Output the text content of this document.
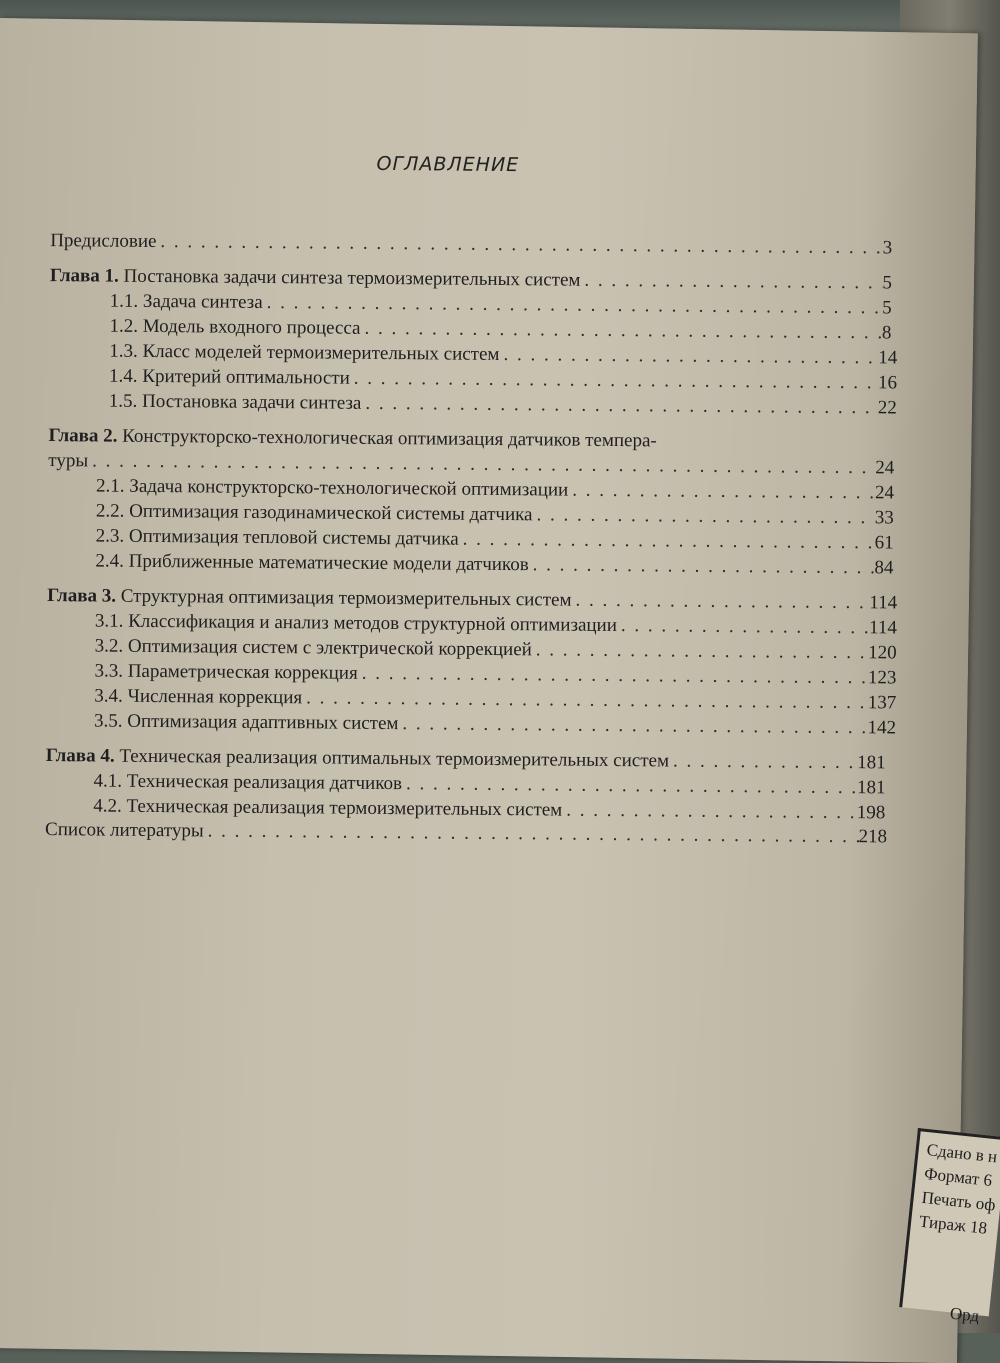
ОГЛАВЛЕНИЕ
Предисловие . . .	3
Глава 1. Постановка задачи синтеза термоизмерительных систем . . .	5
1.1. Задача синтеза . . .	5
1.2. Модель входного процесса . . .	8
1.3. Класс моделей термоизмерительных систем . . .	14
1.4. Критерий оптимальности . . .	16
1.5. Постановка задачи синтеза . . .	22
Глава 2. Конструкторско-технологическая оптимизация датчиков темпера-
туры . . .	24
2.1. Задача конструкторско-технологической оптимизации . . .	24
2.2. Оптимизация газодинамической системы датчика . . .	33
2.3. Оптимизация тепловой системы датчика . . .	61
2.4. Приближенные математические модели датчиков . . .	84
Глава 3. Структурная оптимизация термоизмерительных систем . . .	114
3.1. Классификация и анализ методов структурной оптимизации . . .	114
3.2. Оптимизация систем с электрической коррекцией . . .	120
3.3. Параметрическая коррекция . . .	123
3.4. Численная коррекция . . .	137
3.5. Оптимизация адаптивных систем . . .	142
Глава 4. Техническая реализация оптимальных термоизмерительных систем . . .	181
4.1. Техническая реализация датчиков . . .	181
4.2. Техническая реализация термоизмерительных систем . . .	198
Список литературы . . .	218
Сдано в н
Формат 6
Печать оф
Тираж 18
Орд
